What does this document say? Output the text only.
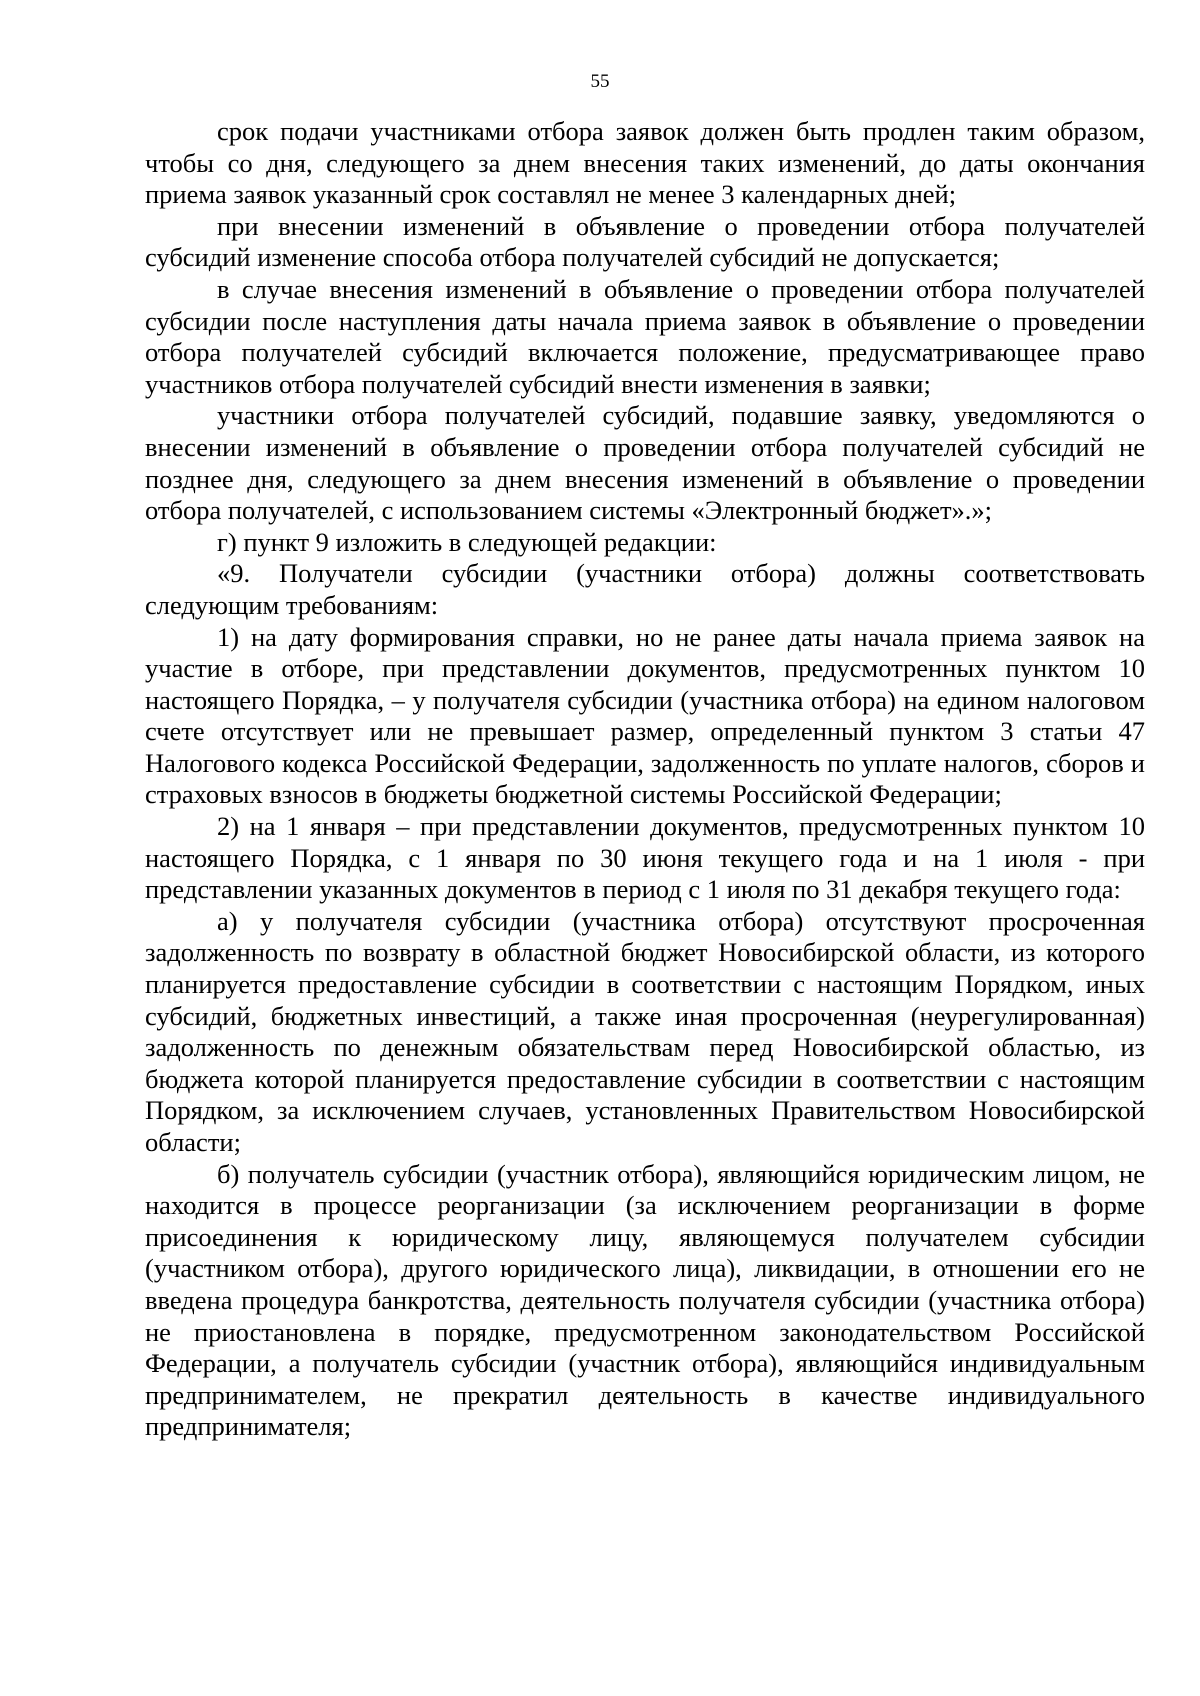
55

срок подачи участниками отбора заявок должен быть продлен таким образом, чтобы со дня, следующего за днем внесения таких изменений, до даты окончания приема заявок указанный срок составлял не менее 3 календарных дней;

при внесении изменений в объявление о проведении отбора получателей субсидий изменение способа отбора получателей субсидий не допускается;

в случае внесения изменений в объявление о проведении отбора получателей субсидии после наступления даты начала приема заявок в объявление о проведении отбора получателей субсидий включается положение, предусматривающее право участников отбора получателей субсидий внести изменения в заявки;

участники отбора получателей субсидий, подавшие заявку, уведомляются о внесении изменений в объявление о проведении отбора получателей субсидий не позднее дня, следующего за днем внесения изменений в объявление о проведении отбора получателей, с использованием системы «Электронный бюджет».»;

г) пункт 9 изложить в следующей редакции:

«9. Получатели субсидии (участники отбора) должны соответствовать следующим требованиям:

1) на дату формирования справки, но не ранее даты начала приема заявок на участие в отборе, при представлении документов, предусмотренных пунктом 10 настоящего Порядка, – у получателя субсидии (участника отбора) на едином налоговом счете отсутствует или не превышает размер, определенный пунктом 3 статьи 47 Налогового кодекса Российской Федерации, задолженность по уплате налогов, сборов и страховых взносов в бюджеты бюджетной системы Российской Федерации;

2) на 1 января – при представлении документов, предусмотренных пунктом 10 настоящего Порядка, с 1 января по 30 июня текущего года и на 1 июля - при представлении указанных документов в период с 1 июля по 31 декабря текущего года:

а) у получателя субсидии (участника отбора) отсутствуют просроченная задолженность по возврату в областной бюджет Новосибирской области, из которого планируется предоставление субсидии в соответствии с настоящим Порядком, иных субсидий, бюджетных инвестиций, а также иная просроченная (неурегулированная) задолженность по денежным обязательствам перед Новосибирской областью, из бюджета которой планируется предоставление субсидии в соответствии с настоящим Порядком, за исключением случаев, установленных Правительством Новосибирской области;

б) получатель субсидии (участник отбора), являющийся юридическим лицом, не находится в процессе реорганизации (за исключением реорганизации в форме присоединения к юридическому лицу, являющемуся получателем субсидии (участником отбора), другого юридического лица), ликвидации, в отношении его не введена процедура банкротства, деятельность получателя субсидии (участника отбора) не приостановлена в порядке, предусмотренном законодательством Российской Федерации, а получатель субсидии (участник отбора), являющийся индивидуальным предпринимателем, не прекратил деятельность в качестве индивидуального предпринимателя;
